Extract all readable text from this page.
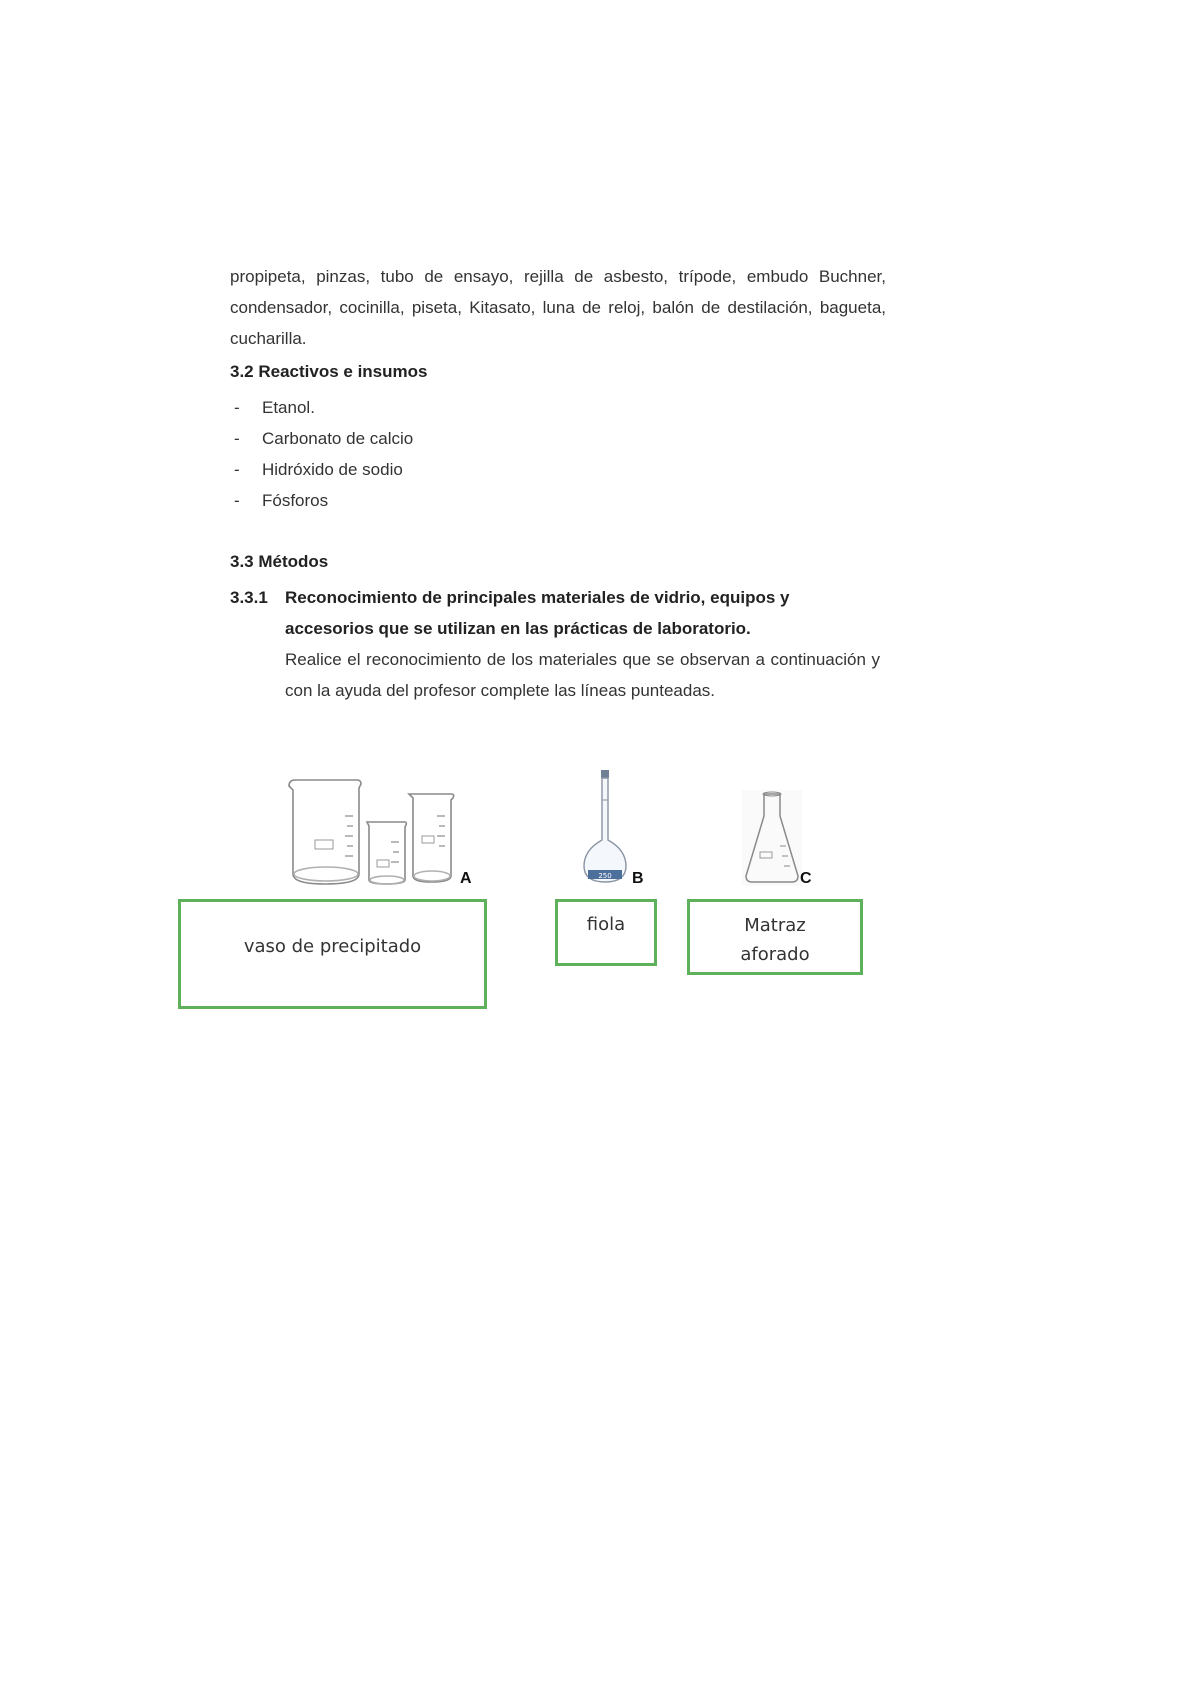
propipeta, pinzas, tubo de ensayo, rejilla de asbesto, trípode, embudo Buchner, condensador, cocinilla, piseta, Kitasato, luna de reloj, balón de destilación, bagueta, cucharilla.

3.2 Reactivos e insumos
-	Etanol.
-	Carbonato de calcio
-	Hidróxido de sodio
-	Fósforos
3.3 Métodos
3.3.1 Reconocimiento de principales materiales de vidrio, equipos y accesorios que se utilizan en las prácticas de laboratorio.
Realice el reconocimiento de los materiales que se observan a continuación y con la ayuda del profesor complete las líneas punteadas.
A	250 B	C
vaso de precipitado
fiola	Matraz
aforado
